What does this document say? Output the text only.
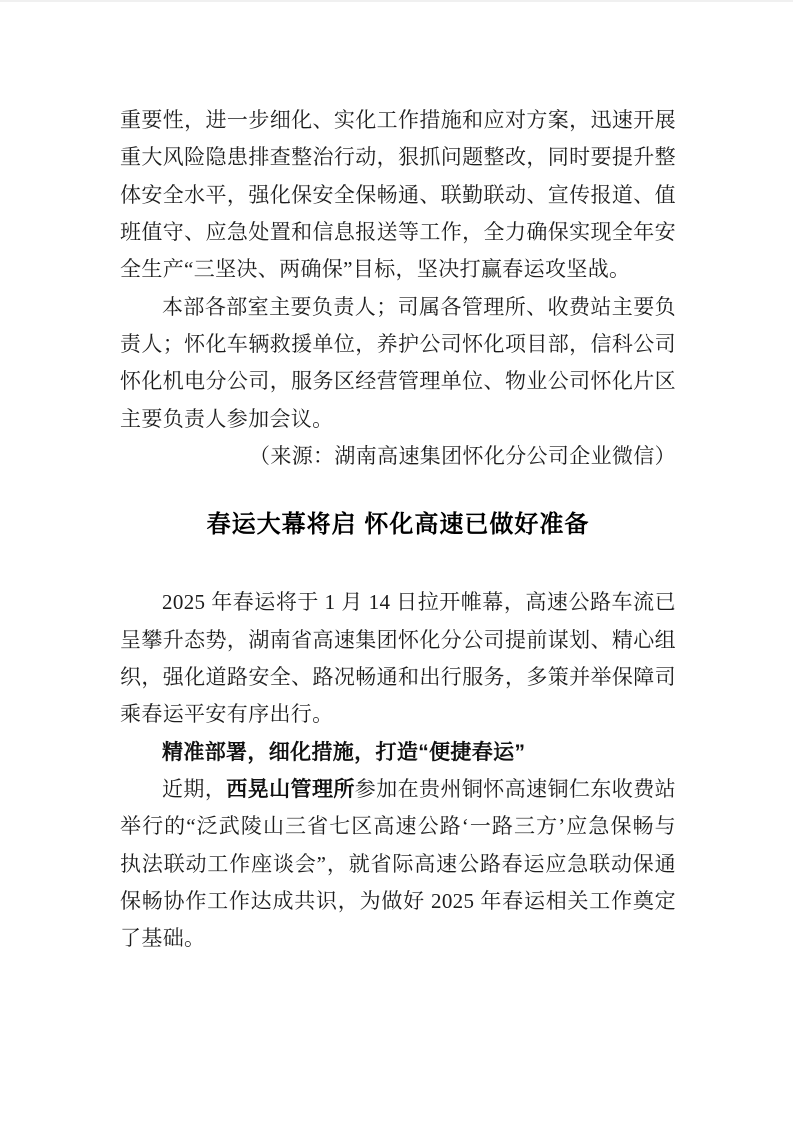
重要性，进一步细化、实化工作措施和应对方案，迅速开展重大风险隐患排查整治行动，狠抓问题整改，同时要提升整体安全水平，强化保安全保畅通、联勤联动、宣传报道、值班值守、应急处置和信息报送等工作，全力确保实现全年安全生产“三坚决、两确保”目标，坚决打赢春运攻坚战。

本部各部室主要负责人；司属各管理所、收费站主要负责人；怀化车辆救援单位，养护公司怀化项目部，信科公司怀化机电分公司，服务区经营管理单位、物业公司怀化片区主要负责人参加会议。

（来源：湖南高速集团怀化分公司企业微信）

春运大幕将启 怀化高速已做好准备

2025 年春运将于 1 月 14 日拉开帷幕，高速公路车流已呈攀升态势，湖南省高速集团怀化分公司提前谋划、精心组织，强化道路安全、路况畅通和出行服务，多策并举保障司乘春运平安有序出行。

精准部署，细化措施，打造“便捷春运”

近期，西晃山管理所参加在贵州铜怀高速铜仁东收费站举行的“泛武陵山三省七区高速公路‘一路三方’应急保畅与执法联动工作座谈会”，就省际高速公路春运应急联动保通保畅协作工作达成共识，为做好 2025 年春运相关工作奠定了基础。
